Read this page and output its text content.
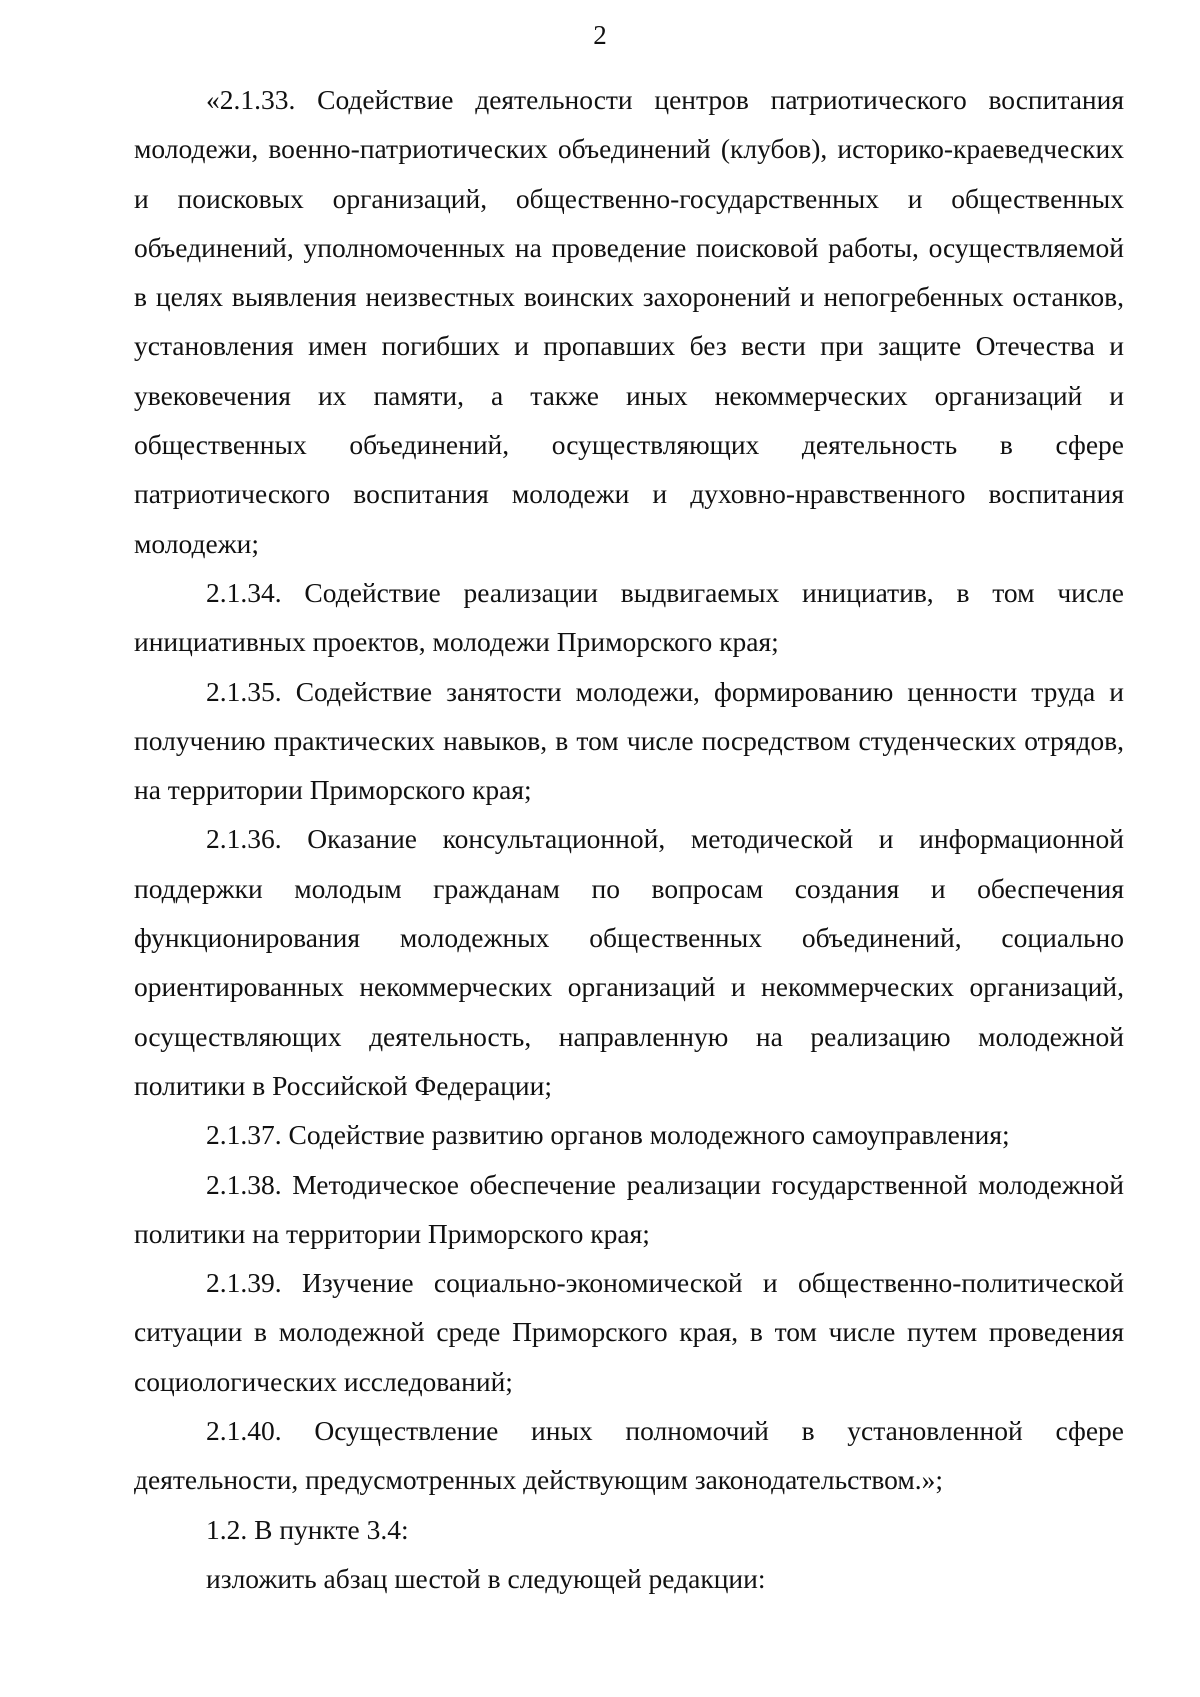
2

«2.1.33. Содействие деятельности центров патриотического воспитания молодежи, военно-патриотических объединений (клубов), историко-краеведческих и поисковых организаций, общественно-государственных и общественных объединений, уполномоченных на проведение поисковой работы, осуществляемой в целях выявления неизвестных воинских захоронений и непогребенных останков, установления имен погибших и пропавших без вести при защите Отечества и увековечения их памяти, а также иных некоммерческих организаций и общественных объединений, осуществляющих деятельность в сфере патриотического воспитания молодежи и духовно-нравственного воспитания молодежи;

2.1.34. Содействие реализации выдвигаемых инициатив, в том числе инициативных проектов, молодежи Приморского края;

2.1.35. Содействие занятости молодежи, формированию ценности труда и получению практических навыков, в том числе посредством студенческих отрядов, на территории Приморского края;

2.1.36. Оказание консультационной, методической и информационной поддержки молодым гражданам по вопросам создания и обеспечения функционирования молодежных общественных объединений, социально ориентированных некоммерческих организаций и некоммерческих организаций, осуществляющих деятельность, направленную на реализацию молодежной политики в Российской Федерации;

2.1.37. Содействие развитию органов молодежного самоуправления;

2.1.38. Методическое обеспечение реализации государственной молодежной политики на территории Приморского края;

2.1.39. Изучение социально-экономической и общественно-политической ситуации в молодежной среде Приморского края, в том числе путем проведения социологических исследований;

2.1.40. Осуществление иных полномочий в установленной сфере деятельности, предусмотренных действующим законодательством.»;

1.2. В пункте 3.4:

изложить абзац шестой в следующей редакции:
